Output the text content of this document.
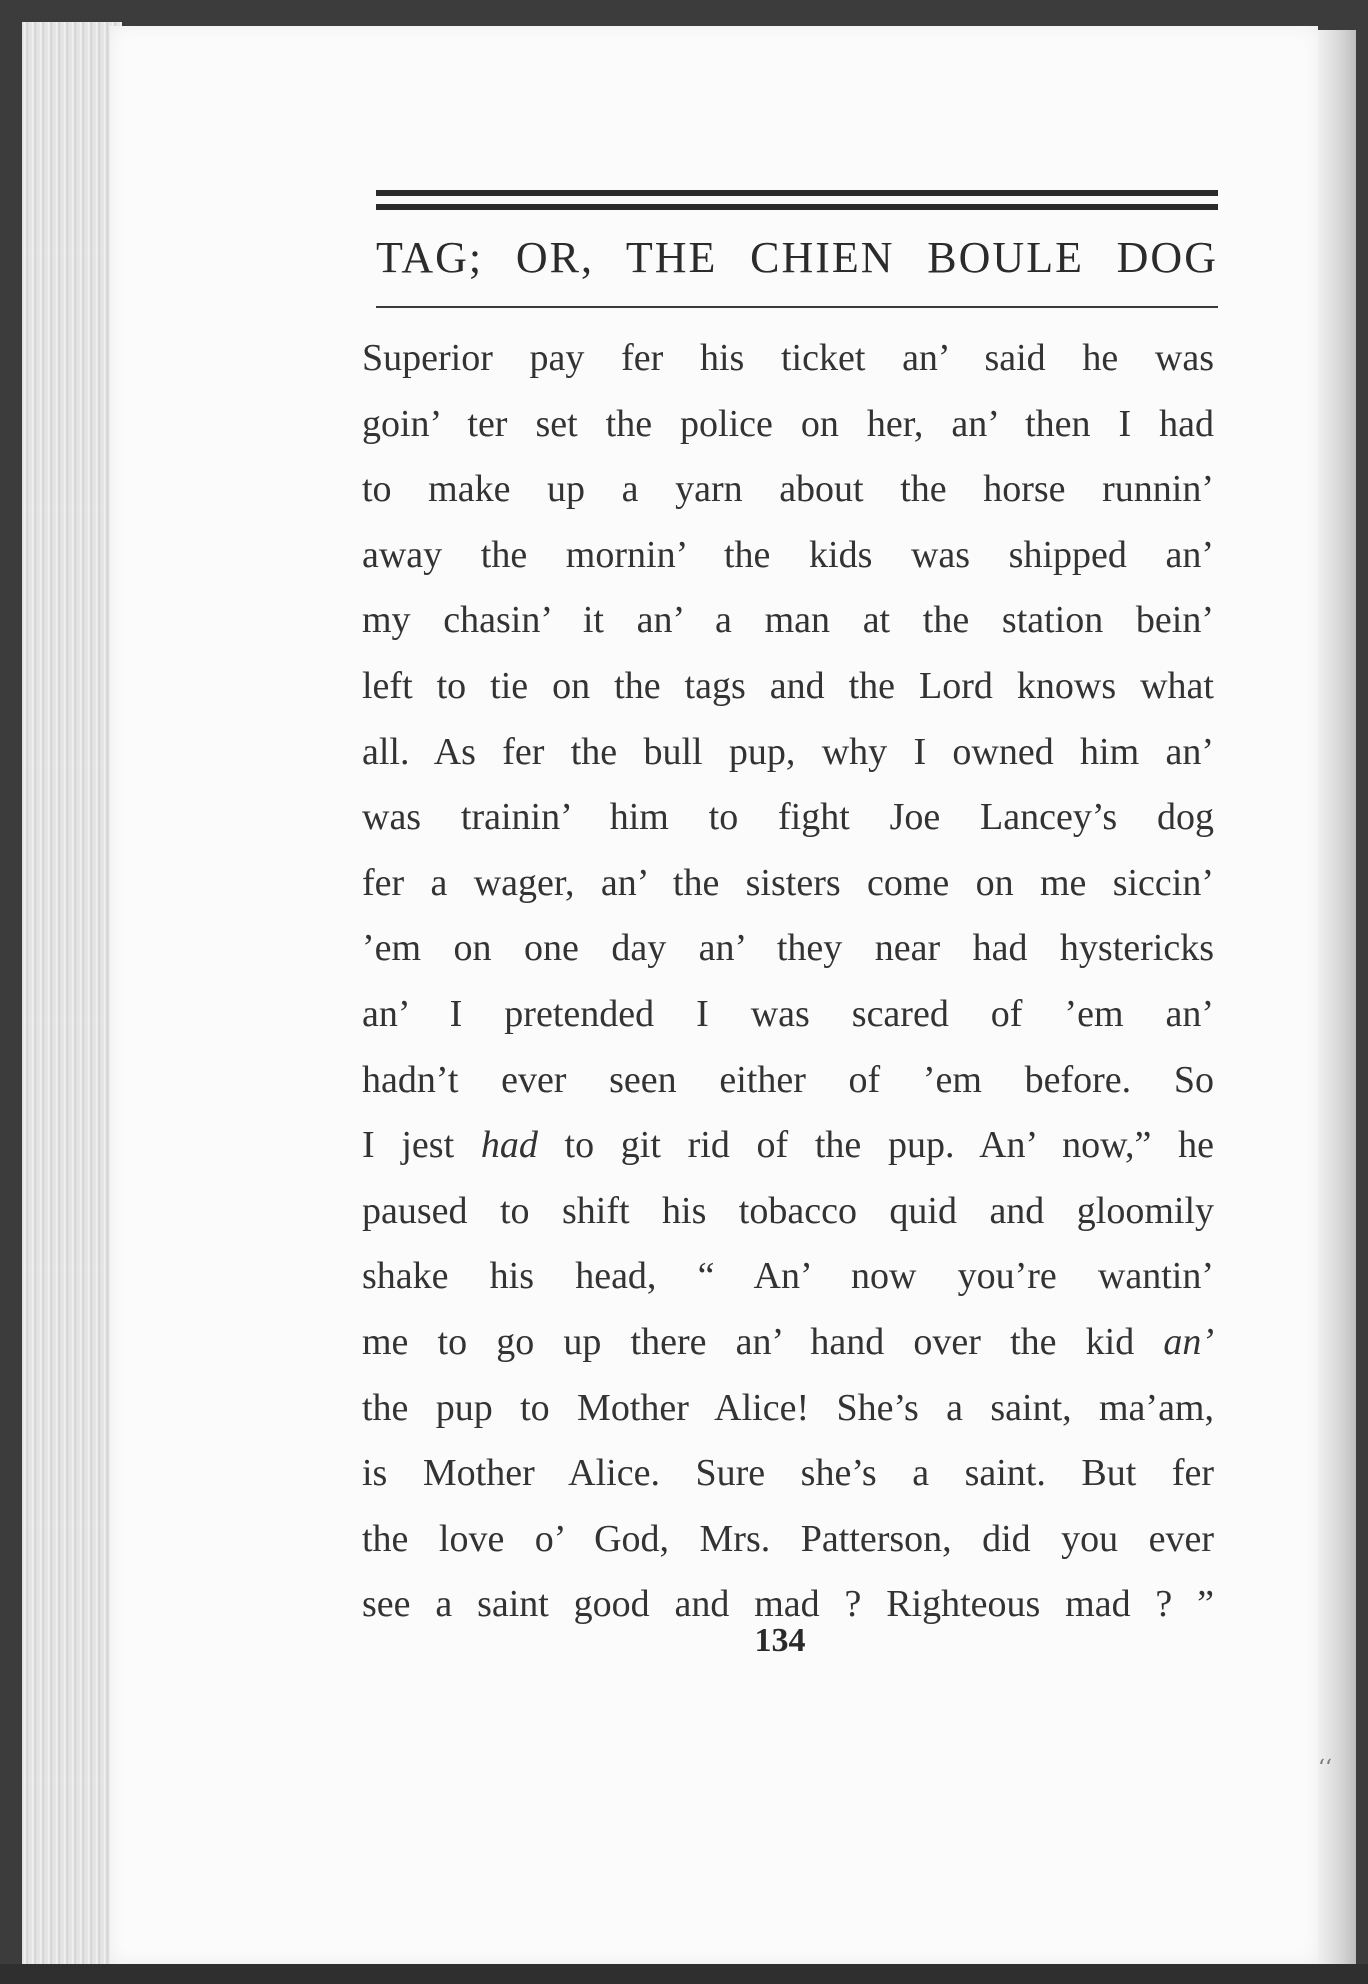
‘‘
TAG; OR, THE CHIEN BOULE DOG
Superior pay fer his ticket an’ said he was
goin’ ter set the police on her, an’ then I had
to make up a yarn about the horse runnin’
away the mornin’ the kids was shipped an’
my chasin’ it an’ a man at the station bein’
left to tie on the tags and the Lord knows what
all. As fer the bull pup, why I owned him an’
was trainin’ him to fight Joe Lancey’s dog
fer a wager, an’ the sisters come on me siccin’
’em on one day an’ they near had hystericks
an’ I pretended I was scared of ’em an’
hadn’t ever seen either of ’em before. So
I jest had to git rid of the pup. An’ now,” he
paused to shift his tobacco quid and gloomily
shake his head, “ An’ now you’re wantin’
me to go up there an’ hand over the kid an’
the pup to Mother Alice! She’s a saint, ma’am,
is Mother Alice. Sure she’s a saint. But fer
the love o’ God, Mrs. Patterson, did you ever
see a saint good and mad ? Righteous mad ? ”
134
